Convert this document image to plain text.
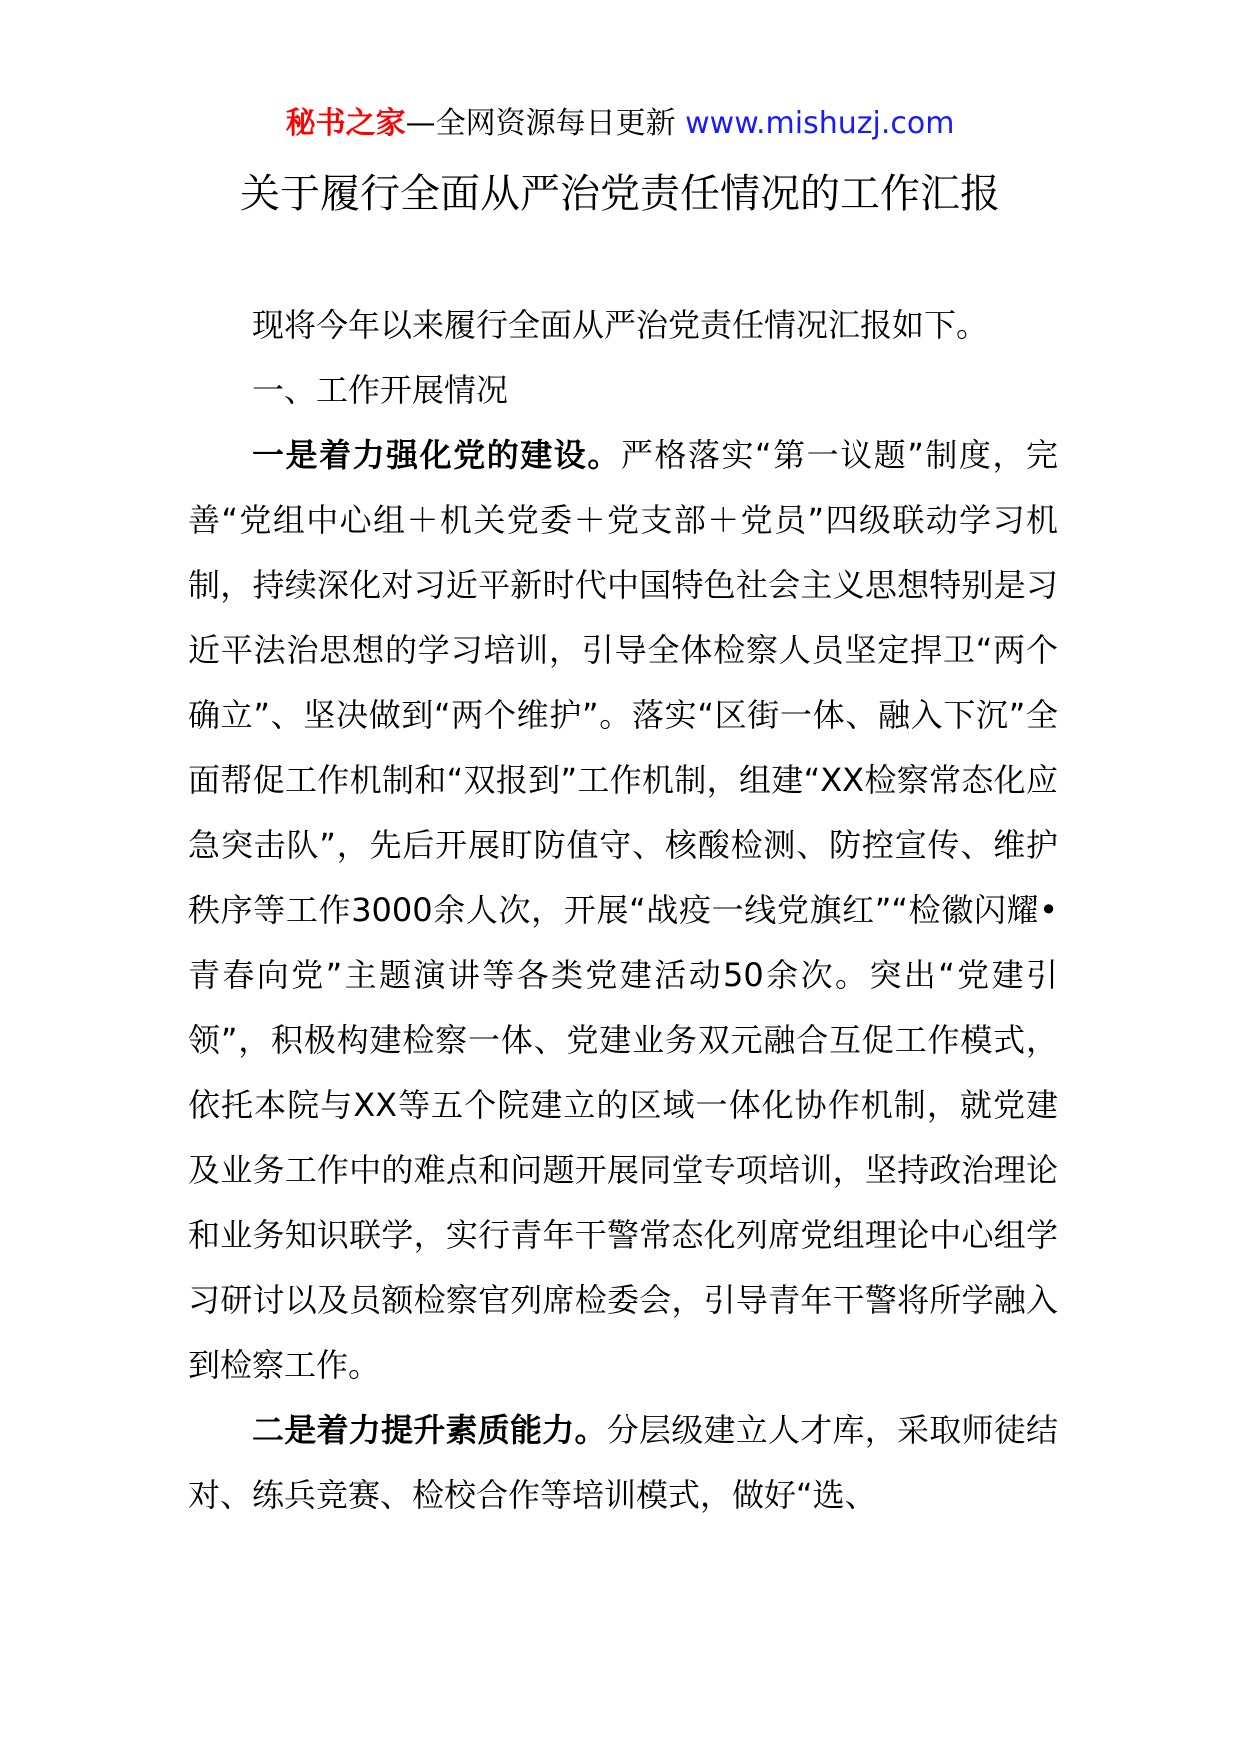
秘书之家—全网资源每日更新 www.mishuzj.com
关于履行全面从严治党责任情况的工作汇报

现将今年以来履行全面从严治党责任情况汇报如下。

一、工作开展情况

一是着力强化党的建设。严格落实“第一议题”制度，完善“党组中心组＋机关党委＋党支部＋党员”四级联动学习机制，持续深化对习近平新时代中国特色社会主义思想特别是习近平法治思想的学习培训，引导全体检察人员坚定捍卫“两个确立”、坚决做到“两个维护”。落实“区街一体、融入下沉”全面帮促工作机制和“双报到”工作机制，组建“XX检察常态化应急突击队”，先后开展盯防值守、核酸检测、防控宣传、维护秩序等工作3000余人次，开展“战疫一线党旗红”“检徽闪耀•青春向党”主题演讲等各类党建活动50余次。突出“党建引领”，积极构建检察一体、党建业务双元融合互促工作模式，依托本院与XX等五个院建立的区域一体化协作机制，就党建及业务工作中的难点和问题开展同堂专项培训，坚持政治理论和业务知识联学，实行青年干警常态化列席党组理论中心组学习研讨以及员额检察官列席检委会，引导青年干警将所学融入到检察工作。

二是着力提升素质能力。分层级建立人才库，采取师徒结对、练兵竞赛、检校合作等培训模式，做好“选、
